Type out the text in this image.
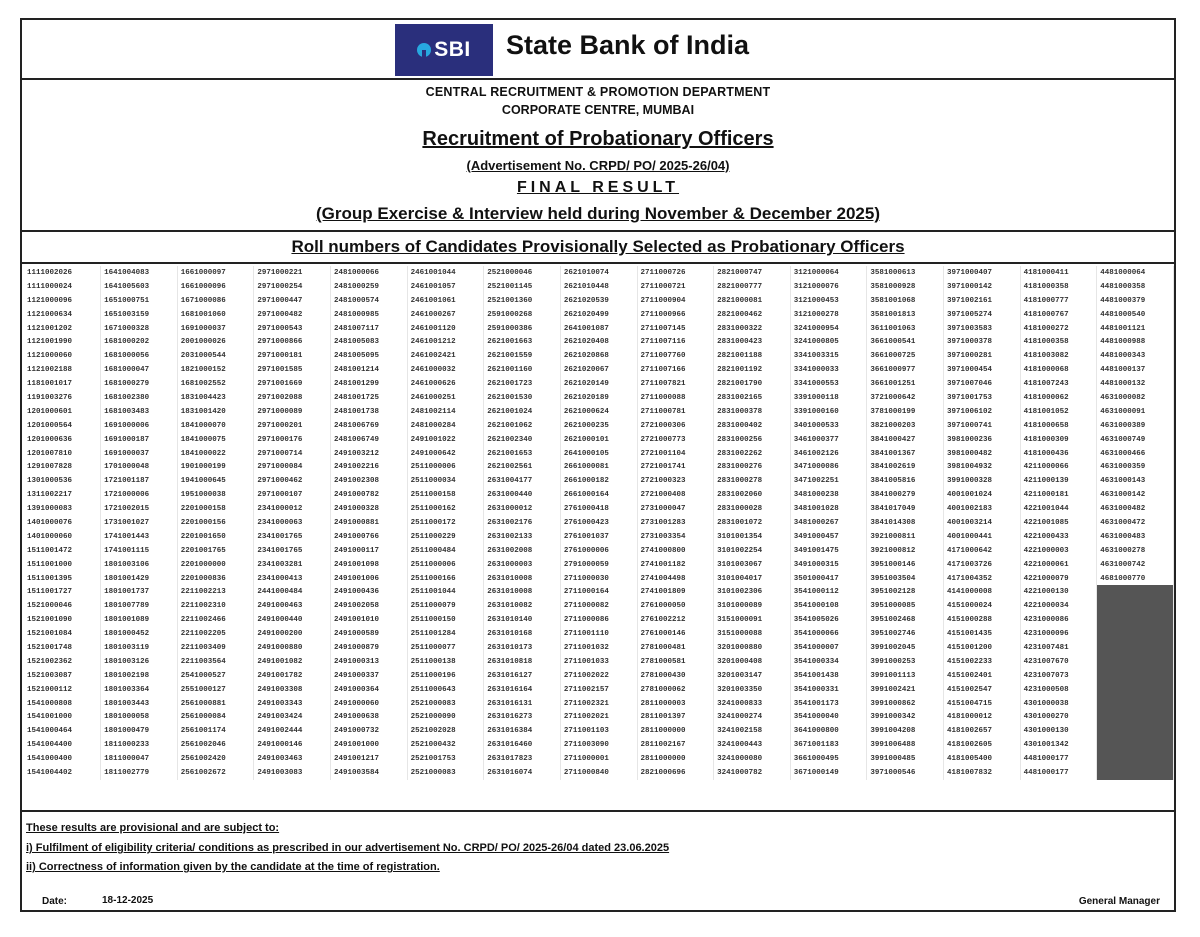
SBI State Bank of India
CENTRAL RECRUITMENT & PROMOTION DEPARTMENT
CORPORATE CENTRE, MUMBAI
Recruitment of Probationary Officers
(Advertisement No. CRPD/ PO/ 2025-26/04)
FINAL RESULT
(Group Exercise & Interview held during November & December 2025)
Roll numbers of Candidates Provisionally Selected as Probationary Officers
1111002026	1641004083	1661000097	2971000221	2481000066	2461001044	2521000046	2621010074	2711000726	2821000747	3121000064	3581000613	3971000407	4181000411	4481000064
1111000024	1641005603	1661000096	2971000254	2481000259	2461001057	2521001145	2621010448	2711000721	2821000777	3121000076	3581000928	3971000142	4181000358	4481000358
1121000096	1651000751	1671000086	2971000447	2481000574	2461001061	2521001360	2621020539	2711000904	2821000081	3121000453	3581001068	3971002161	4181000777	4481000379
1121000634	1651003159	1681001060	2971000482	2481000985	2461000267	2591000268	2621020499	2711000966	2821000462	3121000278	3581001813	3971005274	4181000767	4481000540
1121001202	1671000328	1691000037	2971000543	2481007117	2461001120	2591000386	2641001087	2711007145	2831000322	3241000954	3611001063	3971003583	4181000272	4481001121
1121001990	1681000202	2001000026	2971000866	2481005083	2461001212	2621001663	2621020408	2711007116	2831000423	3241000805	3661000541	3971000378	4181000358	4481000988
1121000060	1681000056	2031000544	2971000181	2481005095	2461002421	2621001559	2621020868	2711007760	2821001188	3341003315	3661000725	3971000281	4181003082	4481000343
1121002188	1681000047	1821000152	2971001585	2481001214	2461000032	2621001160	2621020067	2711007166	2821001192	3341000033	3661000977	3971000454	4181000068	4481000137
1181001017	1681000279	1681002552	2971001669	2481001299	2461000626	2621001723	2621020149	2711007821	2821001790	3341000553	3661001251	3971007046	4181007243	4481000132
1191003276	1681002380	1831004423	2971002088	2481001725	2461000251	2621001530	2621020189	2711000088	2831002165	3391000118	3721000642	3971001753	4181000062	4631000082
1201000601	1681003483	1831001420	2971000089	2481001738	2481002114	2621001024	2621000624	2711000781	2831000378	3391000160	3781000199	3971006102	4181001052	4631000091
1201000564	1691000006	1841000070	2971000201	2481006769	2481000284	2621001062	2621000235	2721000306	2831000402	3401000533	3821000203	3971000741	4181000658	4631000389
1201000636	1691000187	1841000075	2971000176	2481006749	2491001022	2621002340	2621000101	2721000773	2831000256	3461000377	3841000427	3981000236	4181000309	4631000749
1201007810	1691000037	1841000022	2971000714	2491003212	2491000642	2621001653	2641000105	2721001104	2831002262	3461002126	3841001367	3981000482	4181000436	4631000466
1291007828	1701000048	1901000199	2971000084	2491002216	2511000006	2621002561	2661000081	2721001741	2831000276	3471000086	3841002619	3981004932	4211000066	4631000359
1301000536	1721001187	1941000645	2971000462	2491002308	2511000034	2631004177	2661000182	2721000323	2831000278	3471002251	3841005816	3991000328	4211000139	4631000143
1311002217	1721000006	1951000038	2971000107	2491000782	2511000158	2631000440	2661000164	2721000408	2831002060	3481000238	3841000279	4001001024	4211000181	4631000142
1391000083	1721002015	2201000158	2341000012	2491000328	2511000162	2631000012	2761000418	2731000047	2831000028	3481001028	3841017049	4001002183	4221001044	4631000482
1401000076	1731001027	2201000156	2341000063	2491000881	2511000172	2631002176	2761000423	2731001283	2831001072	3481000267	3841014308	4001003214	4221001085	4631000472
1401000060	1741001443	2201001650	2341001765	2491000766	2511000229	2631002133	2761001037	2731003354	3101001354	3491000457	3921000811	4001000441	4221000433	4631000483
1511001472	1741001115	2201001765	2341001765	2491000117	2511000484	2631002008	2761000006	2741000800	3101002254	3491001475	3921000812	4171000642	4221000003	4631000278
1511001000	1801003106	2201000000	2341003281	2491001098	2511000006	2631000003	2791000059	2741001182	3101003067	3491000315	3951000146	4171003726	4221000061	4631000742
1511001395	1801001429	2201000836	2341000413	2491001006	2511000166	2631010008	2711000030	2741004498	3101004017	3501000417	3951003504	4171004352	4221000079	4681000770
1511001727	1801001737	2211002213	2441000484	2491000436	2511001044	2631010008	2711000164	2741001809	3101002306	3541000112	3951002128	4141000008	4221000130	
1521000046	1801007789	2211002310	2491000463	2491002058	2511000079	2631010082	2711000082	2761000050	3101000089	3541000108	3951000085	4151000024	4221000034	
1521001090	1801001089	2211002466	2491000440	2491001010	2511000150	2631010140	2711000086	2761002212	3151000091	3541005026	3951002468	4151000288	4231000086	
1521001084	1801000452	2211002205	2491000200	2491000589	2511001284	2631010168	2711001110	2761000146	3151000088	3541000066	3951002746	4151001435	4231000096	
1521001748	1801003119	2211003409	2491000880	2491000879	2511000077	2631010173	2711001032	2781000481	3201000880	3541000007	3991002045	4151001200	4231007481	
1521002362	1801003126	2211003564	2491001082	2491000313	2511000138	2631010818	2711001033	2781000581	3201000408	3541000334	3991000253	4151002233	4231007670	
1521003087	1801002198	2541000527	2491001782	2491000337	2511000196	2631016127	2711002022	2781000430	3201003147	3541001438	3991001113	4151002401	4231007073	
1521000112	1801003364	2551000127	2491003308	2491000364	2511000643	2631016164	2711002157	2781000062	3201003350	3541000331	3991002421	4151002547	4231000508	
1541000808	1801003443	2561000881	2491003343	2491000060	2521000083	2631016131	2711002321	2811000003	3241000833	3541001173	3991000862	4151004715	4301000038	
1541001000	1801000058	2561000084	2491003424	2491000638	2521000090	2631016273	2711002021	2811001397	3241000274	3541000040	3991000342	4181000012	4301000270	
1541000464	1801000479	2561001174	2491002444	2491000732	2521002028	2631016384	2711001103	2811000000	3241002158	3641000800	3991004208	4181002657	4301000130	
1541004400	1811000233	2561002046	2491000146	2491001000	2521000432	2631016460	2711003090	2811002167	3241000443	3671001183	3991006488	4181002605	4301001342	
1541000400	1811000047	2561002420	2491003463	2491001217	2521001753	2631017823	2711000001	2811000000	3241000080	3661000495	3991000485	4181005400	4481000177	
1541004402	1811002779	2561002672	2491003083	2491003584	2521000083	2631016074	2711000840	2821000696	3241000782	3671000149	3971000546	4181007832	4481000177	
These results are provisional and are subject to:
i) Fulfilment of eligibility criteria/ conditions as prescribed in our advertisement No. CRPD/ PO/ 2025-26/04 dated 23.06.2025
ii) Correctness of information given by the candidate at the time of registration.
Date:	18-12-2025	General Manager
